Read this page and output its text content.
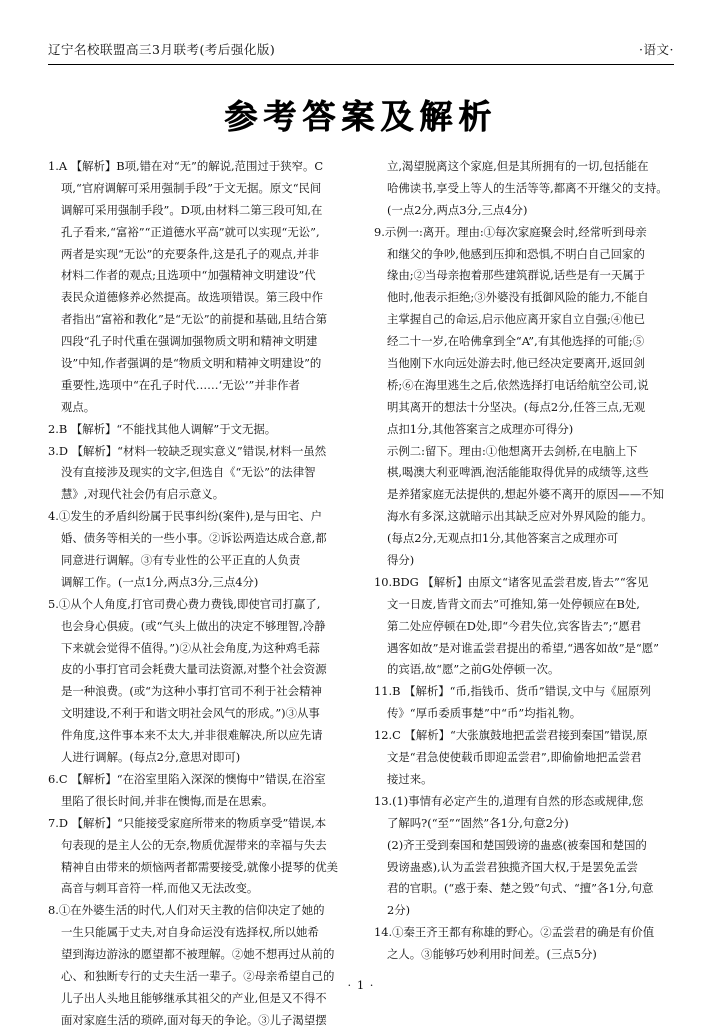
辽宁名校联盟高三3月联考(考后强化版)	·语文·
参考答案及解析
1.A 【解析】B项,错在对“无”的解说,范围过于狭窄。C
项,“官府调解可采用强制手段”于文无据。原文“民间
调解可采用强制手段”。D项,由材料二第三段可知,在
孔子看来,“富裕”“正道德水平高”就可以实现“无讼”,
两者是实现“无讼”的充要条件,这是孔子的观点,并非
材料二作者的观点;且选项中“加强精神文明建设”代
表民众道德修养必然提高。故选项错误。第三段中作
者指出“富裕和教化”是“无讼”的前提和基础,且结合第
四段“孔子时代重在强调加强物质文明和精神文明建
设”中知,作者强调的是“物质文明和精神文明建设”的
重要性,选项中“在孔子时代……‘无讼’”并非作者
观点。
2.B 【解析】“不能找其他人调解”于文无据。
3.D 【解析】“材料一较缺乏现实意义”错误,材料一虽然
没有直接涉及现实的文字,但选自《“无讼”的法律智
慧》,对现代社会仍有启示意义。
4.①发生的矛盾纠纷属于民事纠纷(案件),是与田宅、户
婚、债务等相关的一些小事。②诉讼两造达成合意,都
同意进行调解。③有专业性的公平正直的人负责
调解工作。(一点1分,两点3分,三点4分)
5.①从个人角度,打官司费心费力费钱,即使官司打赢了,
也会身心俱疲。(或“气头上做出的决定不够理智,冷静
下来就会觉得不值得。”)②从社会角度,为这种鸡毛蒜
皮的小事打官司会耗费大量司法资源,对整个社会资源
是一种浪费。(或“为这种小事打官司不利于社会精神
文明建设,不利于和谐文明社会风气的形成。”)③从事
件角度,这件事本来不太大,并非很难解决,所以应先请
人进行调解。(每点2分,意思对即可)
6.C 【解析】“在浴室里陷入深深的懊悔中”错误,在浴室
里陷了很长时间,并非在懊悔,而是在思索。
7.D 【解析】“只能接受家庭所带来的物质享受”错误,本
句表现的是主人公的无奈,物质优渥带来的幸福与失去
精神自由带来的烦恼两者都需要接受,就像小提琴的优美
高音与刺耳音符一样,而他又无法改变。
8.①在外婆生活的时代,人们对天主教的信仰决定了她的
一生只能属于丈夫,对自身命运没有选择权,所以她希
望到海边游泳的愿望都不被理解。②她不想再过从前的
心、和独断专行的丈夫生活一辈子。②母亲希望自己的
儿子出人头地且能够继承其祖父的产业,但是又不得不
面对家庭生活的琐碎,面对每天的争论。③儿子渴望摆
立,渴望脱离这个家庭,但是其所拥有的一切,包括能在
哈佛读书,享受上等人的生活等等,都离不开继父的支持。
(一点2分,两点3分,三点4分)
9.示例一:离开。理由:①每次家庭聚会时,经常听到母亲
和继父的争吵,他感到压抑和恐惧,不明白自己回家的
缘由;②当母亲抱着那些建筑群说,话些是有一天属于
他时,他表示拒绝;③外婆没有抵御风险的能力,不能自
主掌握自己的命运,启示他应离开家自立自强;④他已
经二十一岁,在哈佛拿到全“A”,有其他选择的可能;⑤
当他刚下水向远处游去时,他已经决定要离开,返回剑
桥;⑥在海里逃生之后,依然选择打电话给航空公司,说
明其离开的想法十分坚决。(每点2分,任答三点,无观
点扣1分,其他答案言之成理亦可得分)
示例二:留下。理由:①他想离开去剑桥,在电脑上下
棋,喝澳大利亚啤酒,泡活能能取得优异的成绩等,这些
是养猪家庭无法提供的,想起外婆不离开的原因——不知
海水有多深,这就暗示出其缺乏应对外界风险的能力。
(每点2分,无观点扣1分,其他答案言之成理亦可
得分)
10.BDG 【解析】由原文“诸客见孟尝君废,皆去”“客见
文一日废,皆背文而去”可推知,第一处停顿应在B处,
第二处应停顿在D处,即“今君失位,宾客皆去”;“愿君
遇客如故”是对谁孟尝君提出的希望,“遇客如故”是“愿”
的宾语,故“愿”之前G处停顿一次。
11.B 【解析】“币,指钱币、货币”错误,文中与《屈原列
传》“厚币委质事楚”中“币”均指礼物。
12.C 【解析】“大张旗鼓地把孟尝君接到秦国”错误,原
文是“君急使使载币即迎孟尝君”,即偷偷地把孟尝君
接过来。
13.(1)事情有必定产生的,道理有自然的形态或规律,您
了解吗?(“至”“固然”各1分,句意2分)
(2)齐王受到秦国和楚国毁谤的蛊惑(被秦国和楚国的
毁谤蛊惑),认为孟尝君独揽齐国大权,于是罢免孟尝
君的官职。(“惑于秦、楚之毁”句式、“擅”各1分,句意
2分)
14.①秦王齐王都有称雄的野心。②孟尝君的确是有价值
之人。③能够巧妙利用时间差。(三点5分)
· 1 ·
